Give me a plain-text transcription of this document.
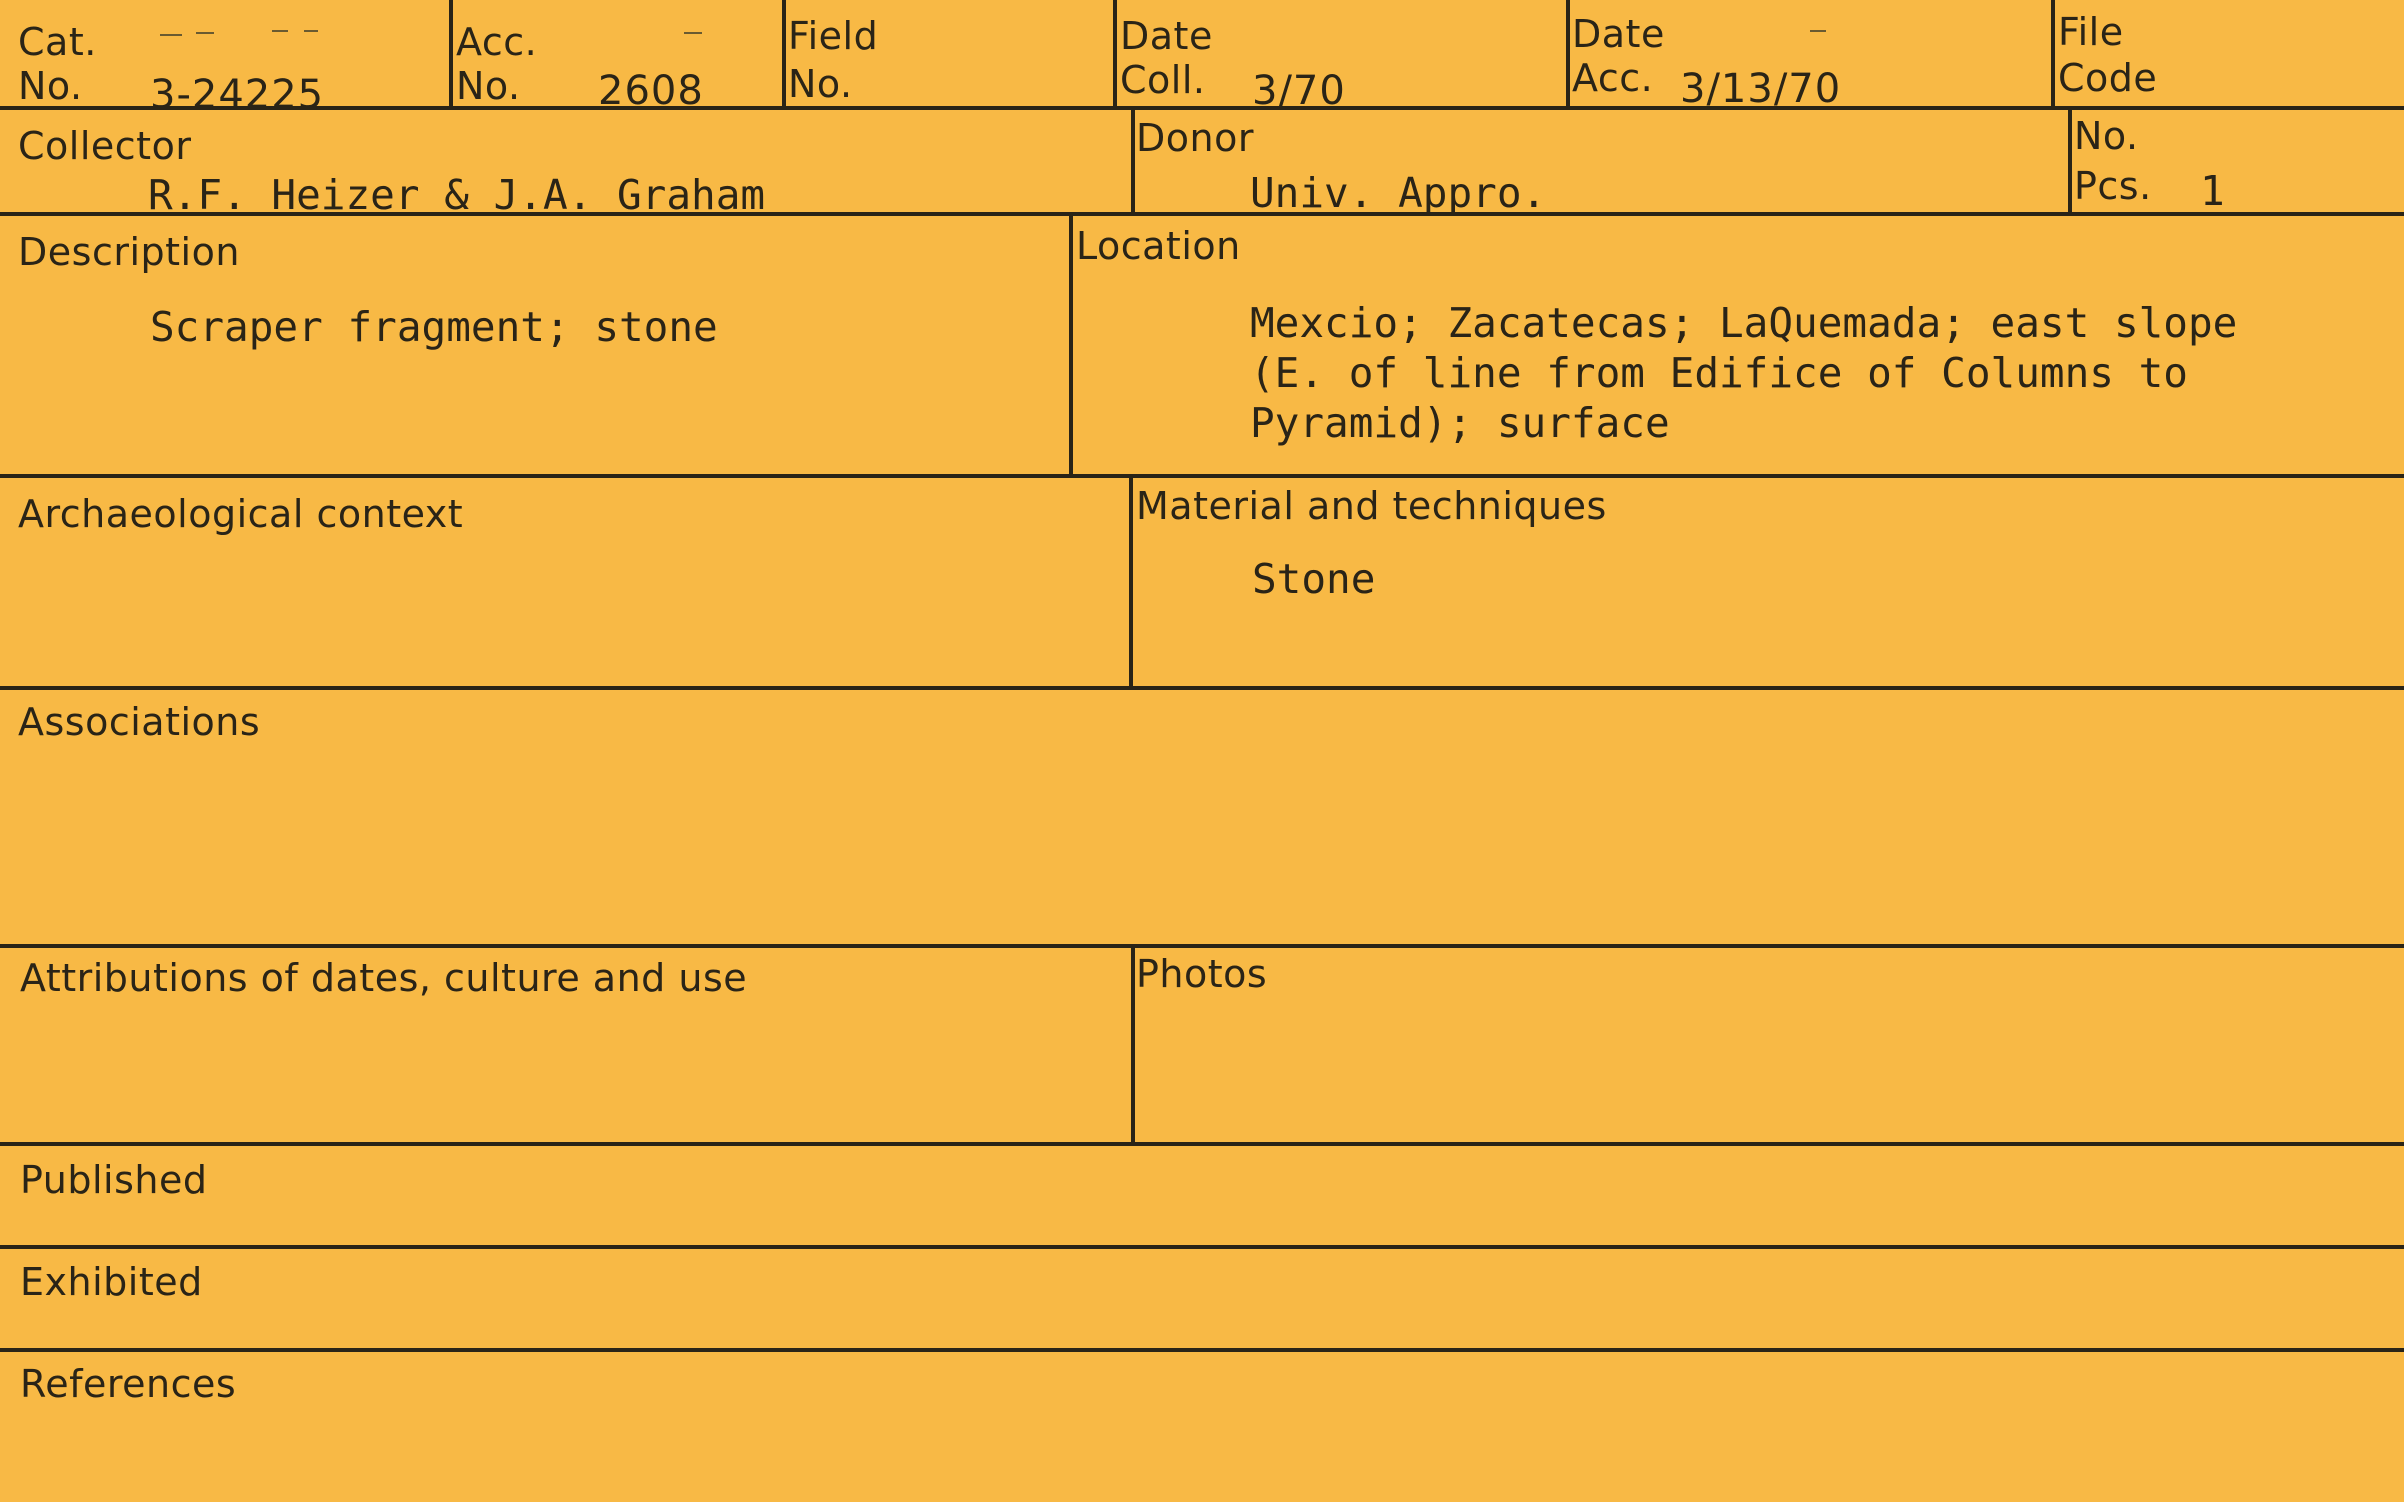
Cat.
No. 3-24225
Acc.
No. 2608
Field
No.
Date
Coll. 3/70
Date
Acc. 3/13/70
File
Code
Collector
R.F. Heizer & J.A. Graham
Donor
Univ. Appro.
No.
Pcs. 1
Description
Scraper fragment; stone
Location
Mexcio; Zacatecas; LaQuemada; east slope
(E. of line from Edifice of Columns to
Pyramid); surface
Archaeological context	Material and techniques
Stone
Associations
Attributions of dates, culture and use	Photos
Published
Exhibited
References
